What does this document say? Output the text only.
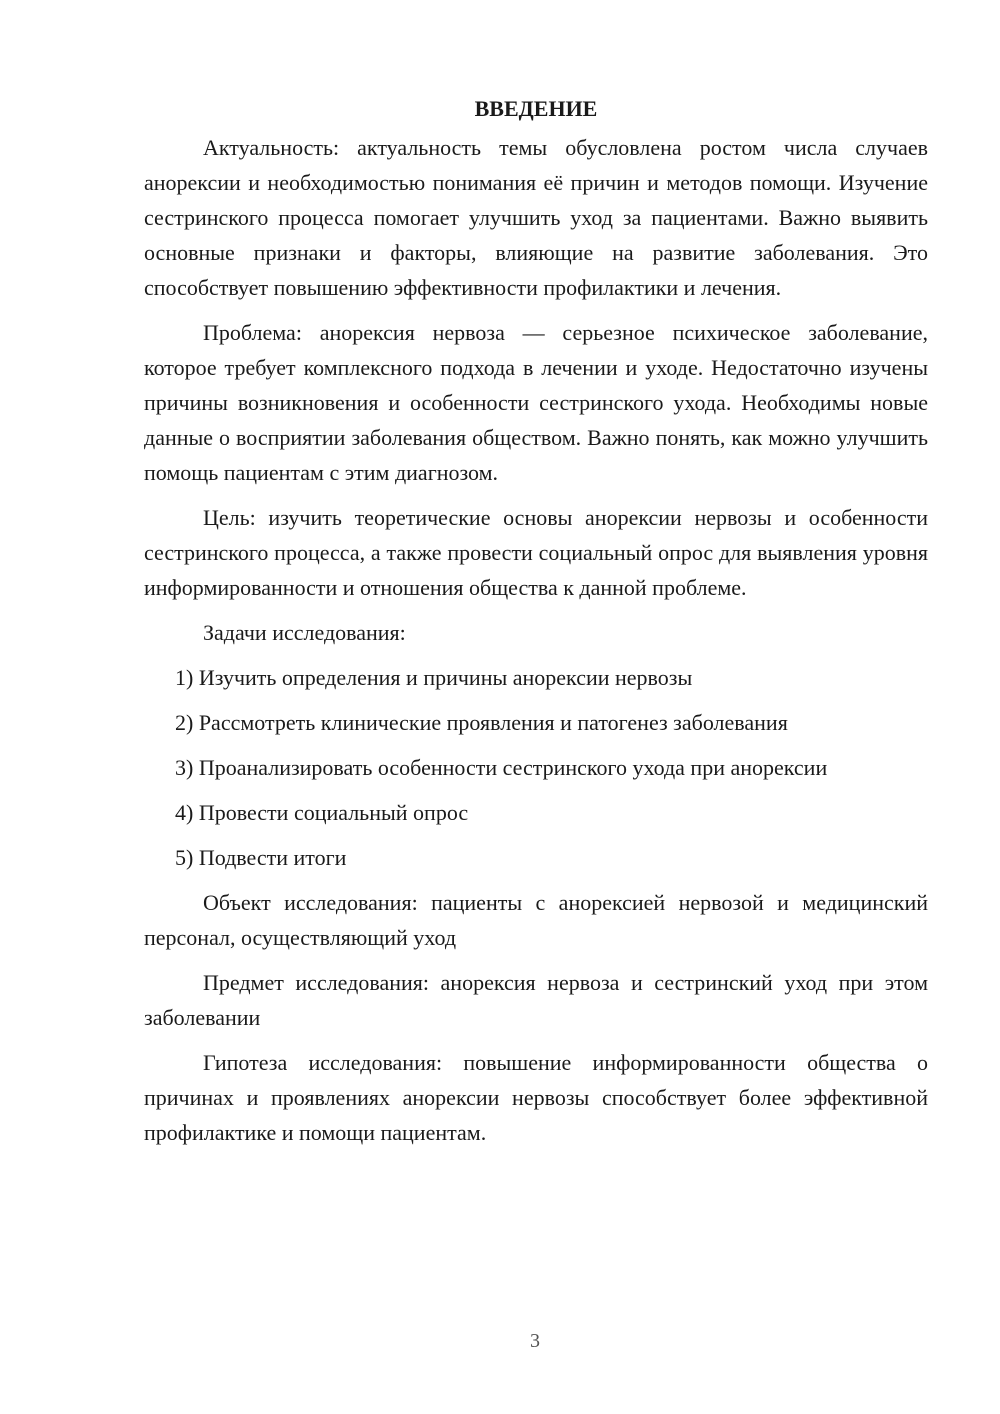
ВВЕДЕНИЕ

Актуальность: актуальность темы обусловлена ростом числа случаев анорексии и необходимостью понимания её причин и методов помощи. Изучение сестринского процесса помогает улучшить уход за пациентами. Важно выявить основные признаки и факторы, влияющие на развитие заболевания. Это способствует повышению эффективности профилактики и лечения.

Проблема: анорексия нервоза — серьезное психическое заболевание, которое требует комплексного подхода в лечении и уходе. Недостаточно изучены причины возникновения и особенности сестринского ухода. Необходимы новые данные о восприятии заболевания обществом. Важно понять, как можно улучшить помощь пациентам с этим диагнозом.

Цель: изучить теоретические основы анорексии нервозы и особенности сестринского процесса, а также провести социальный опрос для выявления уровня информированности и отношения общества к данной проблеме.

Задачи исследования:

1) Изучить определения и причины анорексии нервозы
2) Рассмотреть клинические проявления и патогенез заболевания
3) Проанализировать особенности сестринского ухода при анорексии
4) Провести социальный опрос
5) Подвести итоги

Объект исследования: пациенты с анорексией нервозой и медицинский персонал, осуществляющий уход

Предмет исследования: анорексия нервоза и сестринский уход при этом заболевании

Гипотеза исследования: повышение информированности общества о причинах и проявлениях анорексии нервозы способствует более эффективной профилактике и помощи пациентам.

3
